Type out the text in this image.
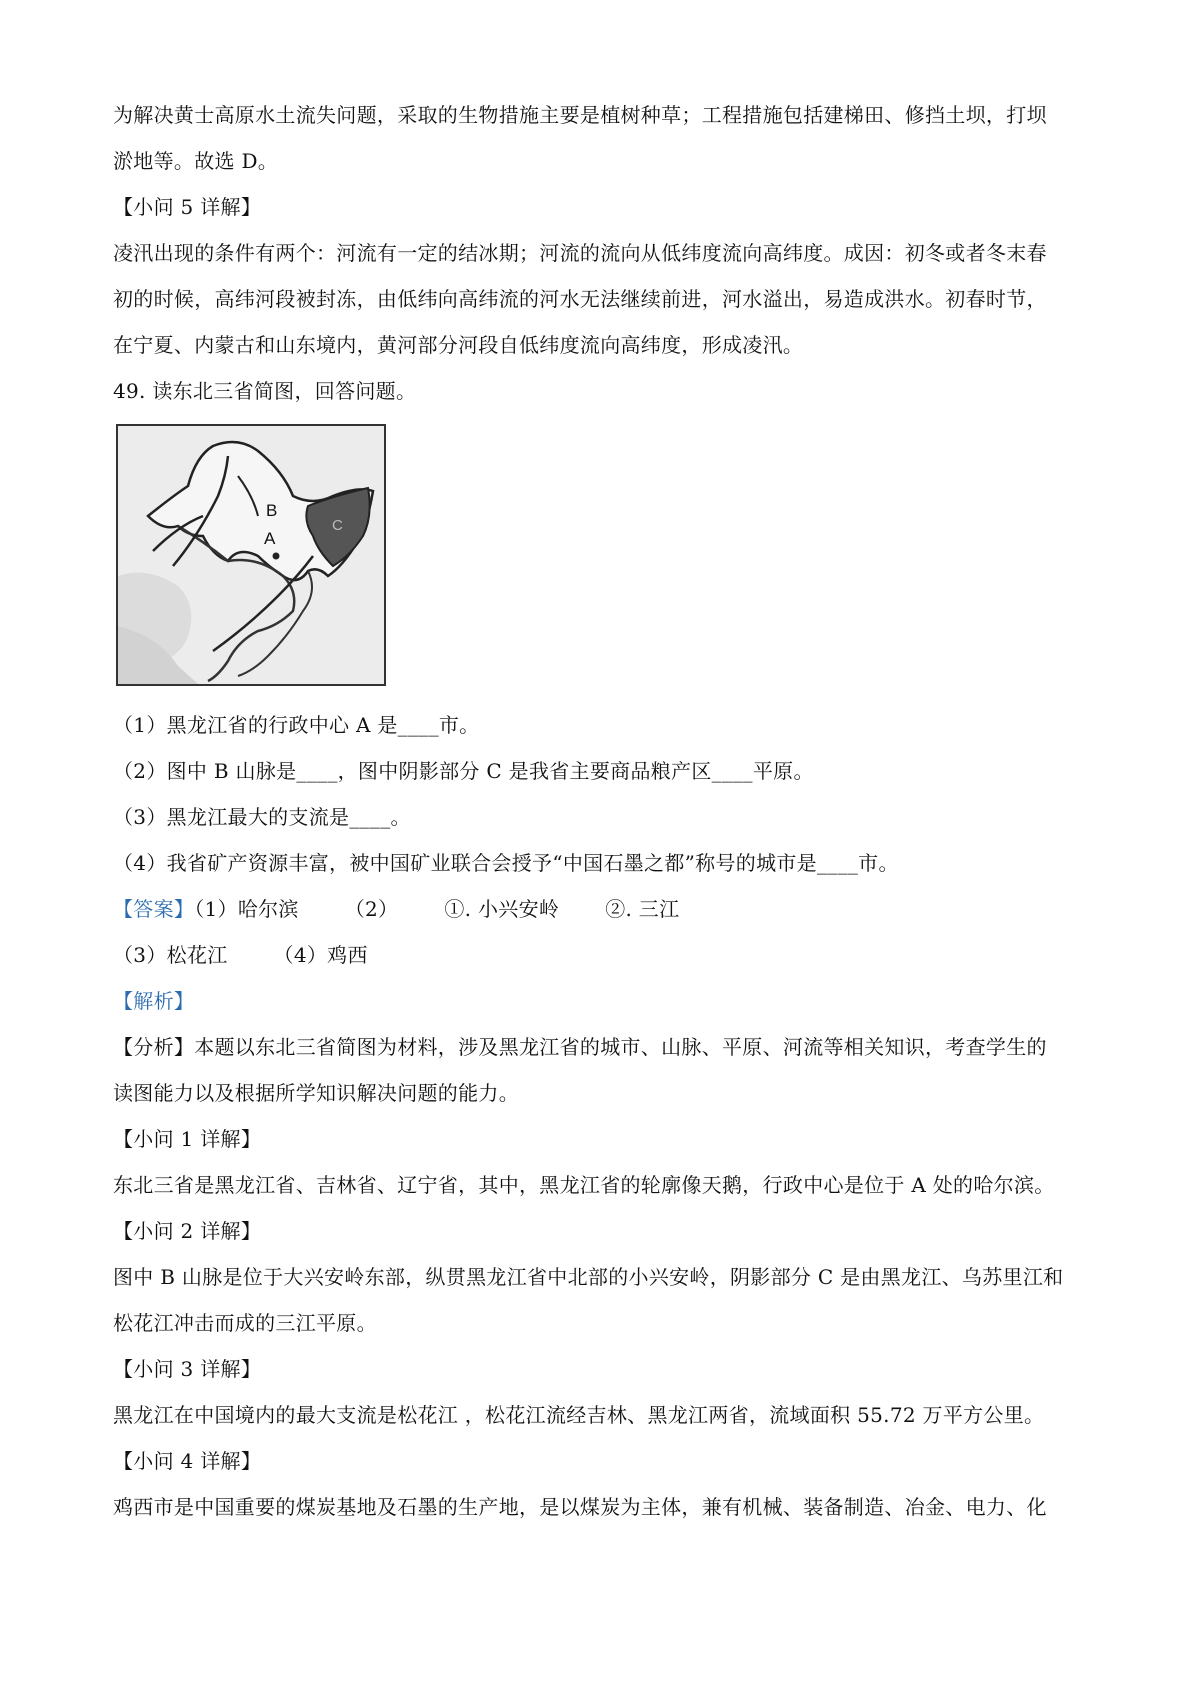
为解决黄士高原水土流失问题，采取的生物措施主要是植树种草；工程措施包括建梯田、修挡土坝，打坝

淤地等。故选 D。

【小问 5 详解】

凌汛出现的条件有两个：河流有一定的结冰期；河流的流向从低纬度流向高纬度。成因：初冬或者冬末春

初的时候，高纬河段被封冻，由低纬向高纬流的河水无法继续前进，河水溢出，易造成洪水。初春时节，

在宁夏、内蒙古和山东境内，黄河部分河段自低纬度流向高纬度，形成凌汛。

49. 读东北三省简图，回答问题。

B
A
C

（1）黑龙江省的行政中心 A 是____市。

（2）图中 B 山脉是____，图中阴影部分 C 是我省主要商品粮产区____平原。

（3）黑龙江最大的支流是____。

（4）我省矿产资源丰富，被中国矿业联合会授予“中国石墨之都”称号的城市是____市。

【答案】（1）哈尔滨 （2） ①. 小兴安岭 ②. 三江

（3）松花江 （4）鸡西

【解析】

【分析】本题以东北三省简图为材料，涉及黑龙江省的城市、山脉、平原、河流等相关知识，考查学生的

读图能力以及根据所学知识解决问题的能力。

【小问 1 详解】

东北三省是黑龙江省、吉林省、辽宁省，其中，黑龙江省的轮廓像天鹅，行政中心是位于 A 处的哈尔滨。

【小问 2 详解】

图中 B 山脉是位于大兴安岭东部，纵贯黑龙江省中北部的小兴安岭，阴影部分 C 是由黑龙江、乌苏里江和

松花江冲击而成的三江平原。

【小问 3 详解】

黑龙江在中国境内的最大支流是松花江 ，松花江流经吉林、黑龙江两省，流域面积 55.72 万平方公里。

【小问 4 详解】

鸡西市是中国重要的煤炭基地及石墨的生产地，是以煤炭为主体，兼有机械、装备制造、冶金、电力、化
